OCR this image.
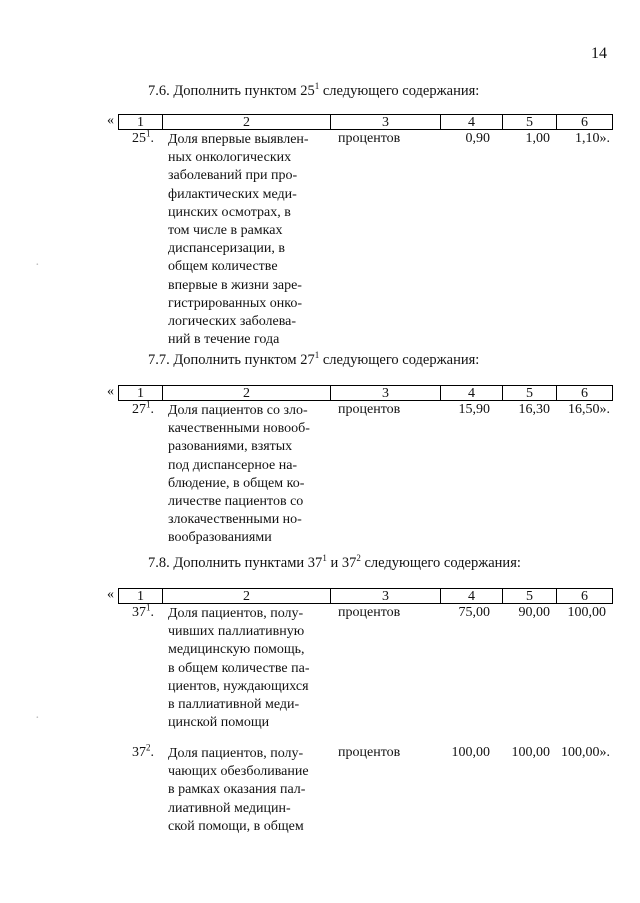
14
7.6. Дополнить пунктом $25^1$ следующего содержания:
« 1	2	3	4	5	6
$25^1$. Доля впервые выявлен-
ных онкологических
заболеваний при про-
филактических меди-
цинских осмотрах, в
том числе в рамках
диспансеризации, в
общем количестве
впервые в жизни заре-
гистрированных онко-
логических заболева-
ний в течение года
процентов	0,90	1,00 1,10».
7.7. Дополнить пунктом $27^1$ следующего содержания:
« 1	2	3	4	5	6
$27^1$. Доля пациентов со зло-
качественными новооб-
разованиями, взятых
под диспансерное на-
блюдение, в общем ко-
личестве пациентов со
злокачественными но-
вообразованиями
процентов	15,90 16,30 16,50».
7.8. Дополнить пунктами $37^1$ и $37^2$ следующего содержания:
« 1	2	3	4	5	6
$37^1$. Доля пациентов, полу-
чивших паллиативную
медицинскую помощь,
в общем количестве па-
циентов, нуждающихся
в паллиативной меди-
цинской помощи
процентов	75,00 90,00 100,00
$37^2$. Доля пациентов, полу-
чающих обезболивание
в рамках оказания пал-
лиативной медицин-
ской помощи, в общем
процентов	100,00 100,00 100,00».
·
·
